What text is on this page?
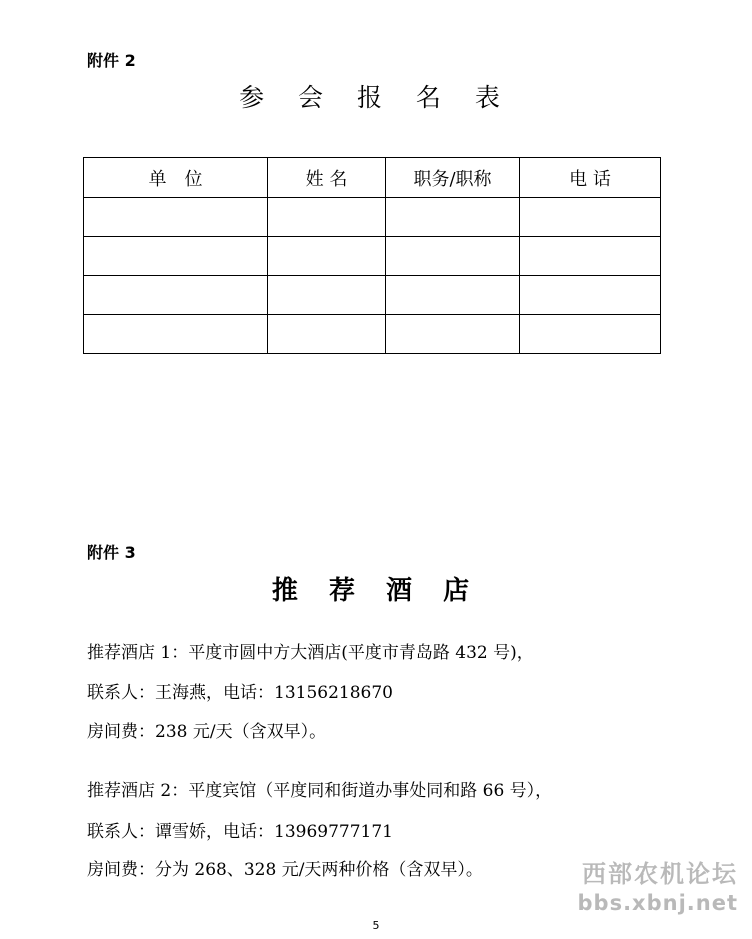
附件 2
参 会 报 名 表
单　位	姓 名	职务/职称	电 话

附件 3
推 荐 酒 店
推荐酒店 1：平度市圆中方大酒店(平度市青岛路 432 号)，
联系人：王海燕，电话：13156218670
房间费：238 元/天（含双早）。
推荐酒店 2：平度宾馆（平度同和街道办事处同和路 66 号），
联系人：谭雪娇，电话：13969777171
房间费：分为 268、328 元/天两种价格（含双早）。	西部农机论坛
bbs.xbnj.net
5
